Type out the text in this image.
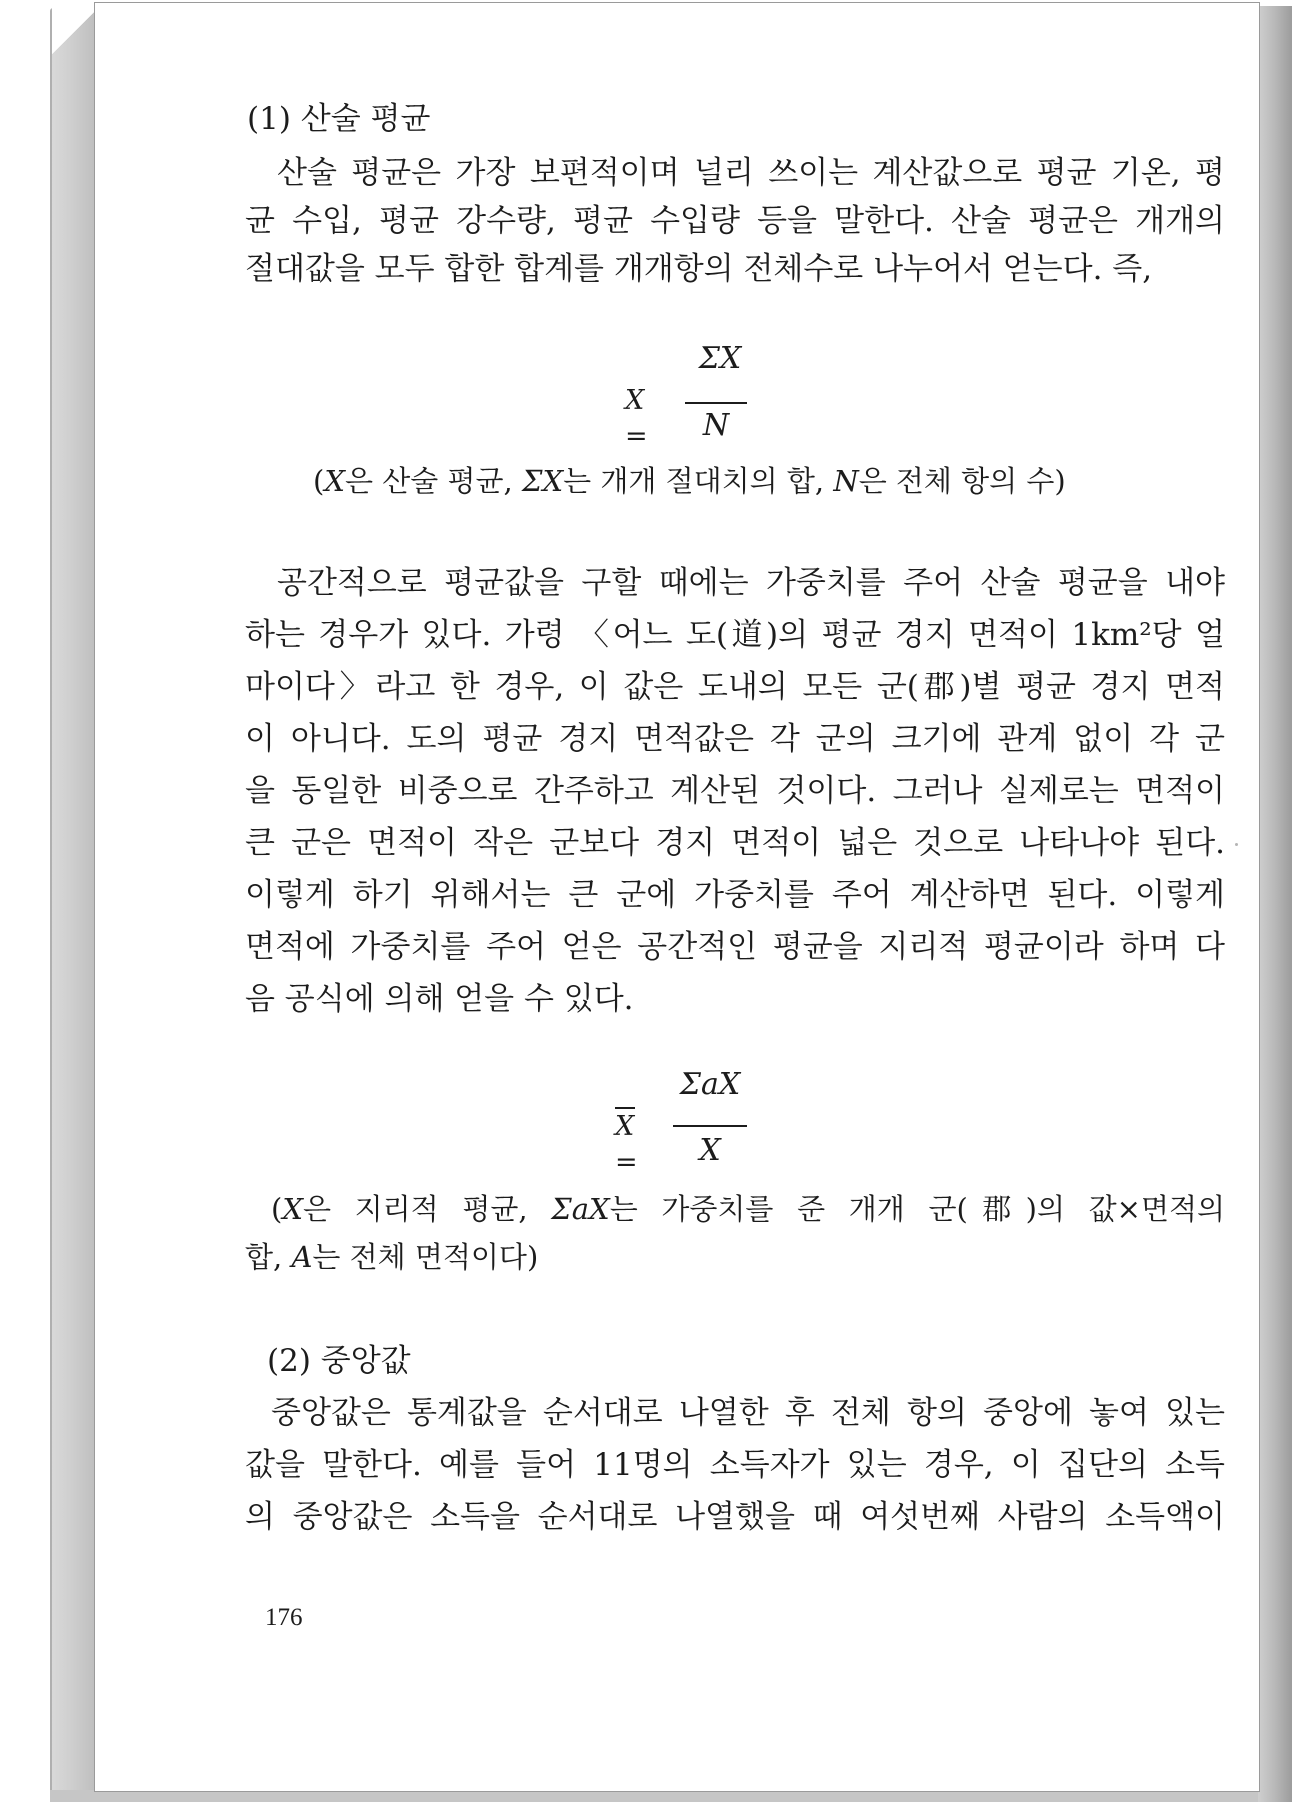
(1) 산술 평균
산술 평균은 가장 보편적이며 널리 쓰이는 계산값으로 평균 기온, 평
균 수입, 평균 강수량, 평균 수입량 등을 말한다. 산술 평균은 개개의
절대값을 모두 합한 합계를 개개항의 전체수로 나누어서 얻는다. 즉,
X =
ΣX
N
(X은 산술 평균, ΣX는 개개 절대치의 합, N은 전체 항의 수)
공간적으로 평균값을 구할 때에는 가중치를 주어 산술 평균을 내야
하는 경우가 있다. 가령 〈어느 도(道)의 평균 경지 면적이 1km²당 얼
마이다〉라고 한 경우, 이 값은 도내의 모든 군(郡)별 평균 경지 면적
이 아니다. 도의 평균 경지 면적값은 각 군의 크기에 관계 없이 각 군
을 동일한 비중으로 간주하고 계산된 것이다. 그러나 실제로는 면적이
큰 군은 면적이 작은 군보다 경지 면적이 넓은 것으로 나타나야 된다.
이렇게 하기 위해서는 큰 군에 가중치를 주어 계산하면 된다. 이렇게
면적에 가중치를 주어 얻은 공간적인 평균을 지리적 평균이라 하며 다
음 공식에 의해 얻을 수 있다.
X =
ΣaX
X
(X은 지리적 평균, ΣaX는 가중치를 준 개개 군(郡)의 값×면적의
합, A는 전체 면적이다)
(2) 중앙값
중앙값은 통계값을 순서대로 나열한 후 전체 항의 중앙에 놓여 있는
값을 말한다. 예를 들어 11명의 소득자가 있는 경우, 이 집단의 소득
의 중앙값은 소득을 순서대로 나열했을 때 여섯번째 사람의 소득액이
176
